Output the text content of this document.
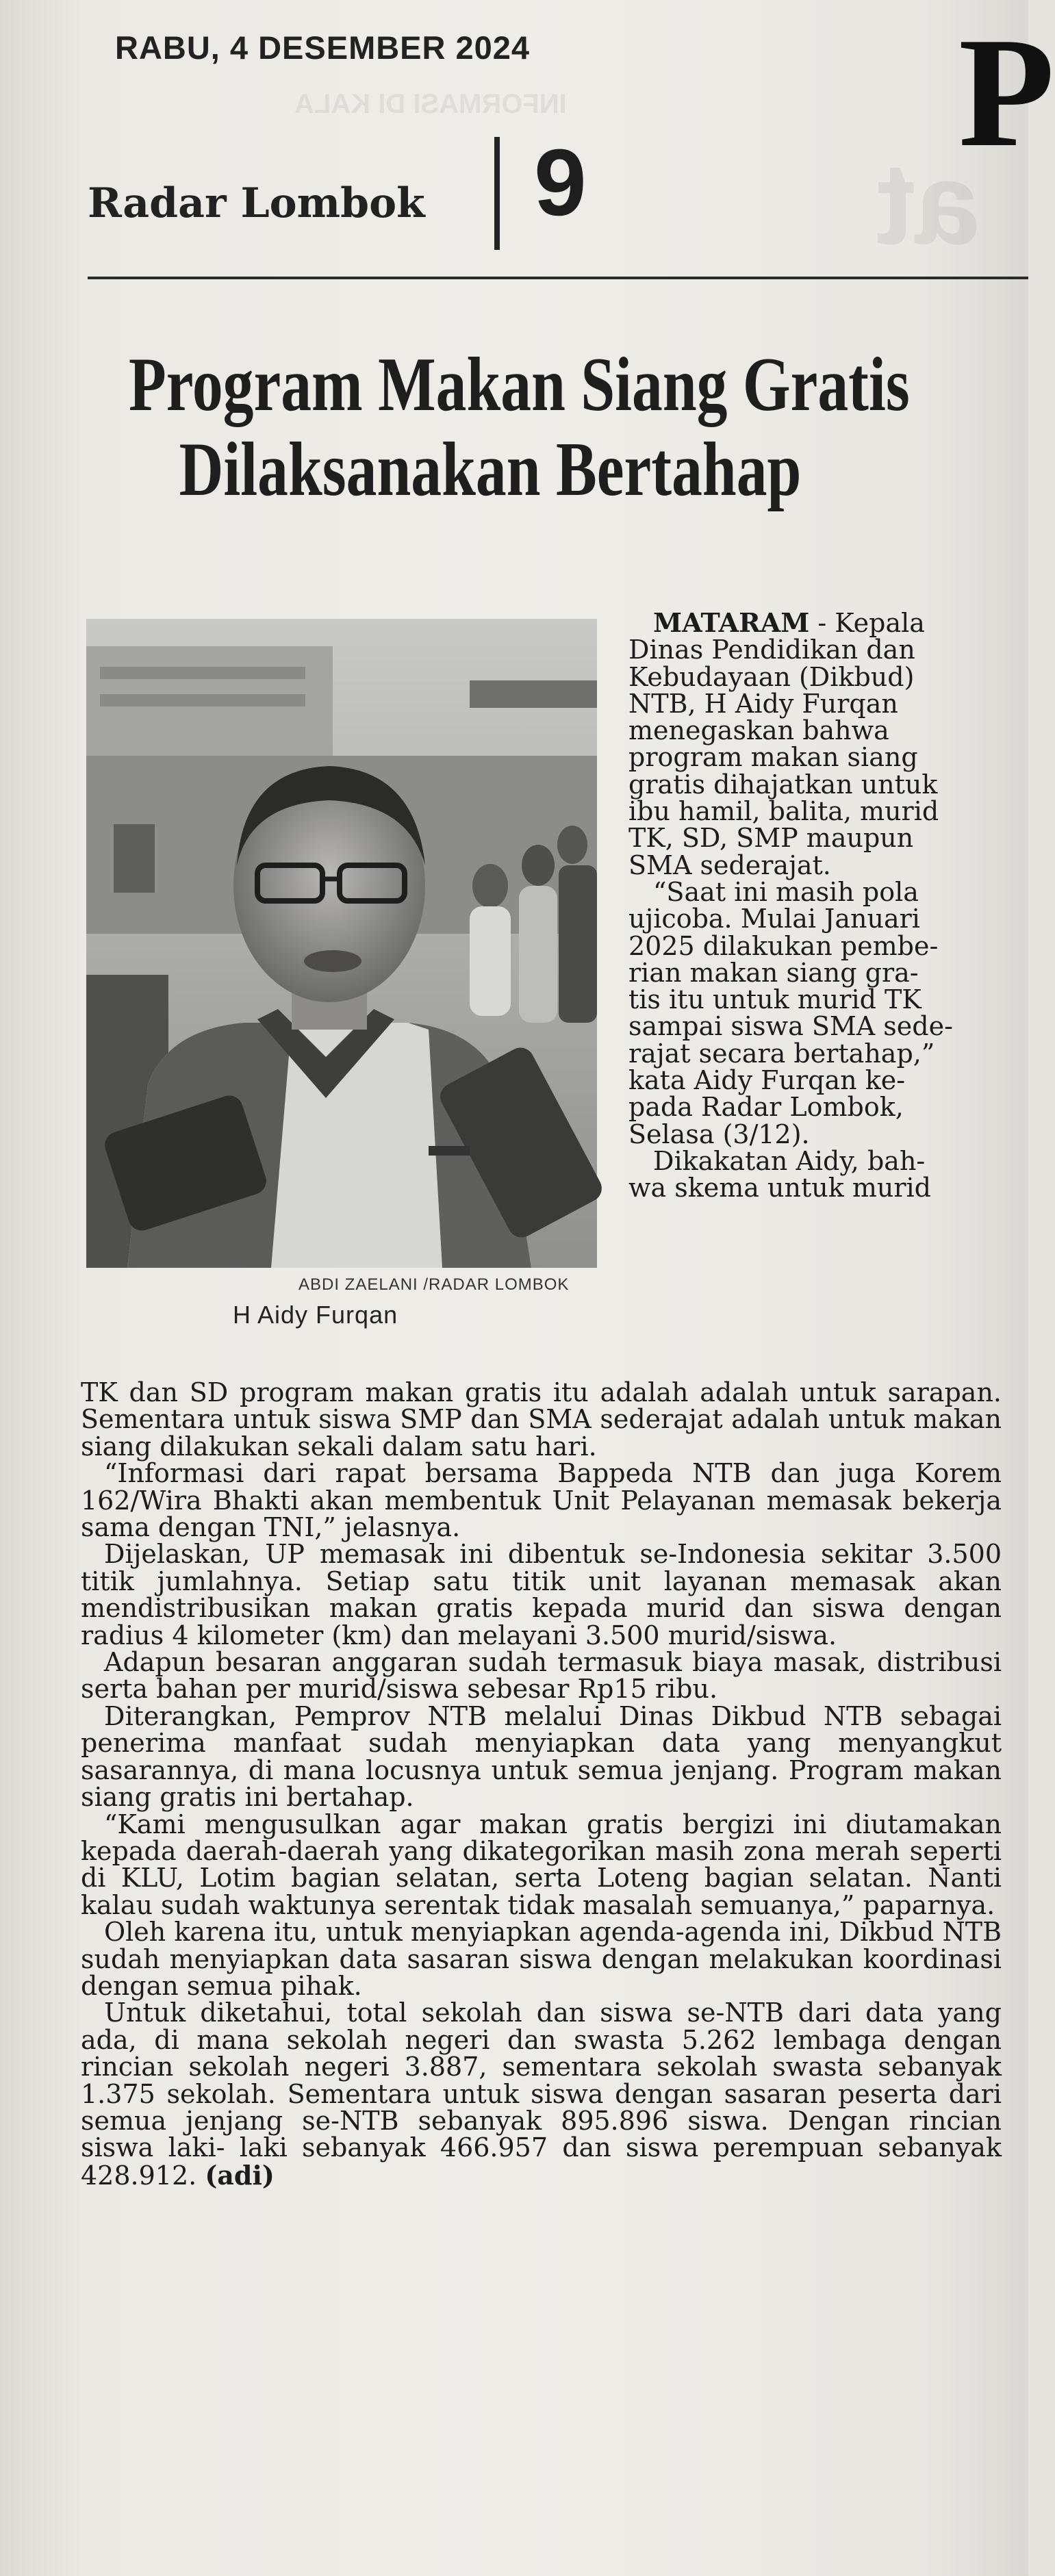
INFORMASI DI KALA
at
RABU, 4 DESEMBER 2024	P
Radar Lombok 9
Program Makan Siang Gratis
Dilaksanakan Bertahap
ABDI ZAELANI /RADAR LOMBOK
H Aidy Furqan

MATARAM - Kepala

Dinas Pendidikan dan

Kebudayaan (Dikbud)

NTB, H Aidy Furqan

menegaskan bahwa

program makan siang

gratis dihajatkan untuk

ibu hamil, balita, murid

TK, SD, SMP maupun

SMA sederajat.

“Saat ini masih pola

ujicoba. Mulai Januari

2025 dilakukan pembe-

rian makan siang gra-

tis itu untuk murid TK

sampai siswa SMA sede-

rajat secara bertahap,”

kata Aidy Furqan ke-

pada Radar Lombok,

Selasa (3/12).

Dikakatan Aidy, bah-

wa skema untuk murid

TK dan SD program makan gratis itu adalah adalah untuk sarapan. Sementara untuk siswa SMP dan SMA sederajat adalah untuk makan siang dilakukan sekali dalam satu hari.

“Informasi dari rapat bersama Bappeda NTB dan juga Korem 162/Wira Bhakti akan membentuk Unit Pelayanan memasak bekerja sama dengan TNI,” jelasnya.

Dijelaskan, UP memasak ini dibentuk se-Indonesia sekitar 3.500 titik jumlahnya. Setiap satu titik unit layanan memasak akan mendistribusikan makan gratis kepada murid dan siswa dengan radius 4 kilometer (km) dan melayani 3.500 murid/siswa.

Adapun besaran anggaran sudah termasuk biaya masak, distribusi serta bahan per murid/siswa sebesar Rp15 ribu.

Diterangkan, Pemprov NTB melalui Dinas Dikbud NTB sebagai penerima manfaat sudah menyiapkan data yang menyangkut sasarannya, di mana locusnya untuk semua jenjang. Program makan siang gratis ini bertahap.

“Kami mengusulkan agar makan gratis bergizi ini diutamakan kepada daerah-daerah yang dikategorikan masih zona merah seperti di KLU, Lotim bagian selatan, serta Loteng bagian selatan. Nanti kalau sudah waktunya serentak tidak masalah semuanya,” paparnya.

Oleh karena itu, untuk menyiapkan agenda-agenda ini, Dikbud NTB sudah menyiapkan data sasaran siswa dengan melakukan koordinasi dengan semua pihak.

Untuk diketahui, total sekolah dan siswa se-NTB dari data yang ada, di mana sekolah negeri dan swasta 5.262 lembaga dengan rincian sekolah negeri 3.887, sementara sekolah swasta sebanyak 1.375 sekolah. Sementara untuk siswa dengan sasaran peserta dari semua jenjang se-NTB sebanyak 895.896 siswa. Dengan rincian siswa laki- laki sebanyak 466.957 dan siswa perempuan sebanyak 428.912. (adi)
